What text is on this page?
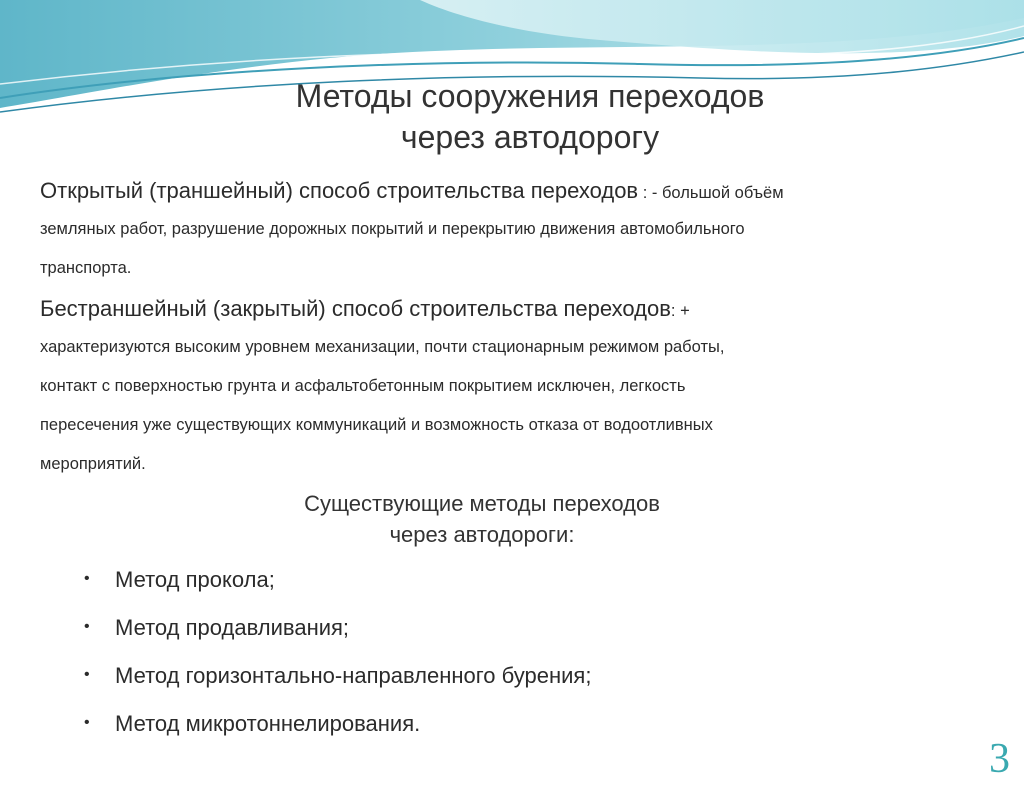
Методы сооружения переходов
через автодорогу
Открытый (траншейный) способ строительства переходов : - большой объём
земляных работ, разрушение дорожных покрытий и перекрытию движения автомобильного
транспорта.
Бестраншейный (закрытый) способ строительства переходов: +
характеризуются высоким уровнем механизации, почти стационарным режимом работы,
контакт с поверхностью грунта и асфальтобетонным покрытием исключен, легкость
пересечения уже существующих коммуникаций и возможность отказа от водоотливных
мероприятий.
Существующие методы переходов
через автодороги:
• Метод прокола;
• Метод продавливания;
• Метод горизонтально-направленного бурения;
• Метод микротоннелирования.
3
